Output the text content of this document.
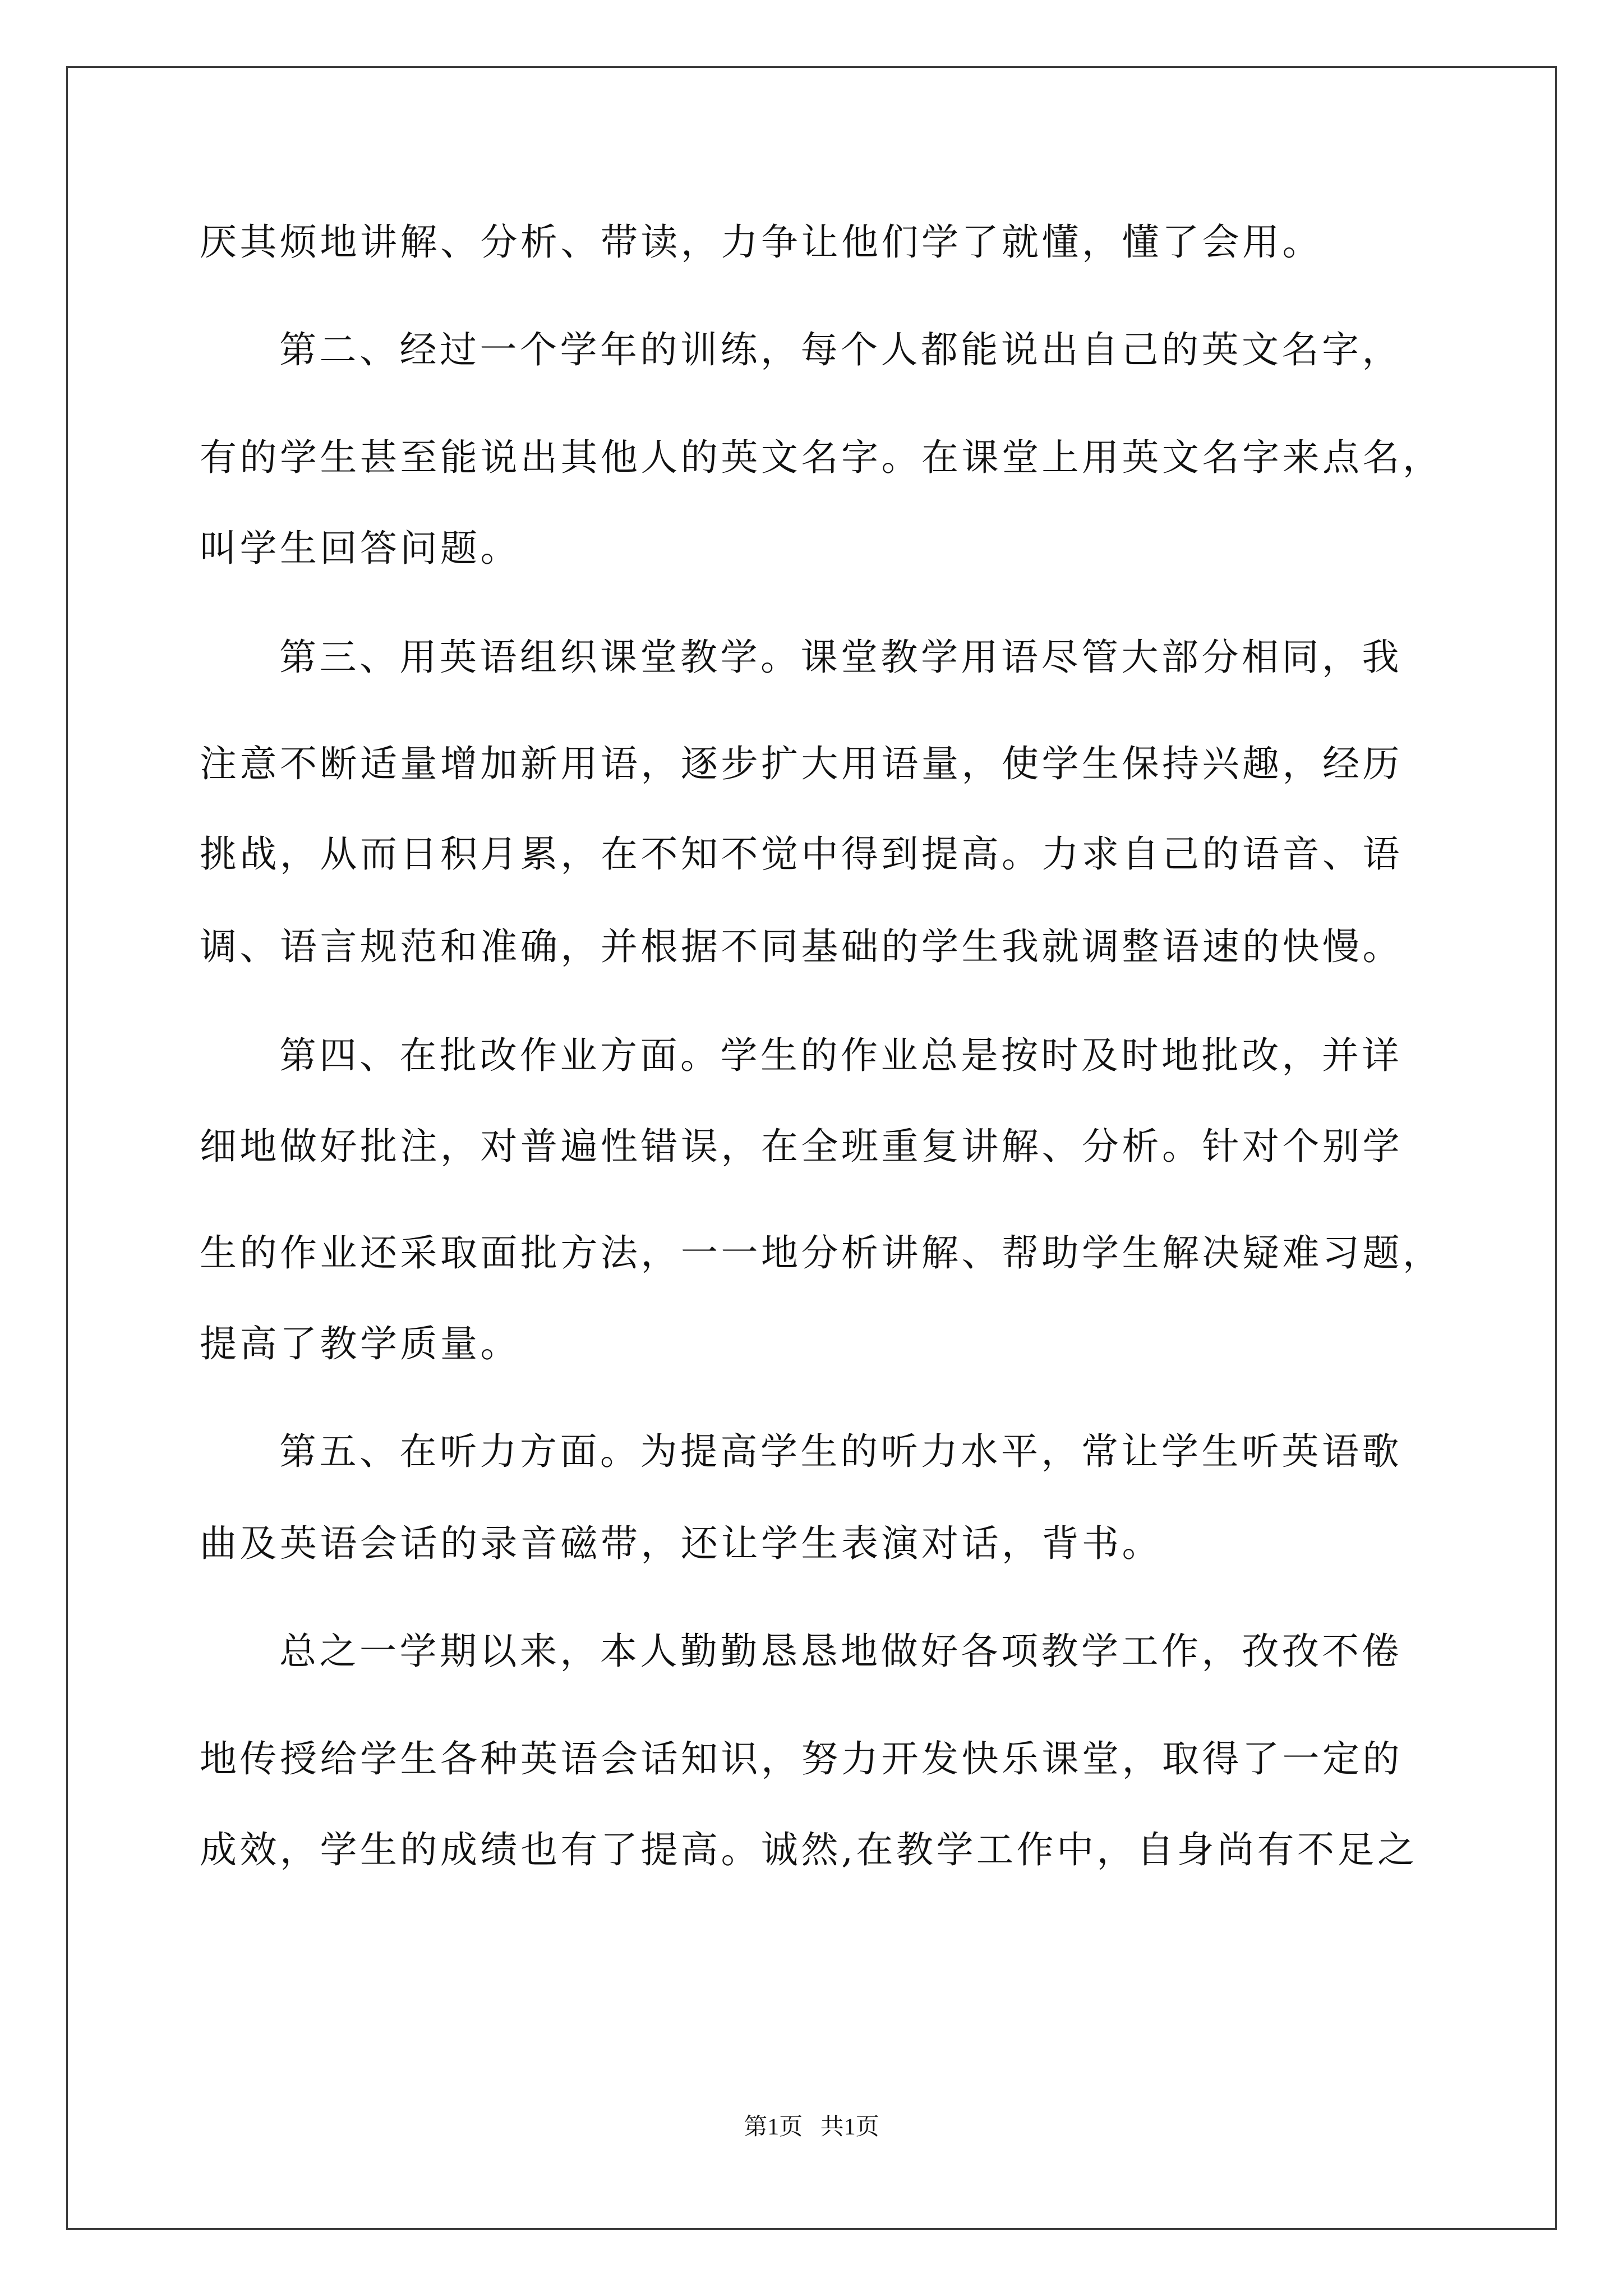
厌其烦地讲解、分析、带读，力争让他们学了就懂，懂了会用。
第二、经过一个学年的训练，每个人都能说出自己的英文名字，
有的学生甚至能说出其他人的英文名字。在课堂上用英文名字来点名，
叫学生回答问题。
第三、用英语组织课堂教学。课堂教学用语尽管大部分相同，我
注意不断适量增加新用语，逐步扩大用语量，使学生保持兴趣，经历
挑战，从而日积月累，在不知不觉中得到提高。力求自己的语音、语
调、语言规范和准确，并根据不同基础的学生我就调整语速的快慢。
第四、在批改作业方面。学生的作业总是按时及时地批改，并详
细地做好批注，对普遍性错误，在全班重复讲解、分析。针对个别学
生的作业还采取面批方法，一一地分析讲解、帮助学生解决疑难习题，
提高了教学质量。
第五、在听力方面。为提高学生的听力水平，常让学生听英语歌
曲及英语会话的录音磁带，还让学生表演对话，背书。
总之一学期以来，本人勤勤恳恳地做好各项教学工作，孜孜不倦
地传授给学生各种英语会话知识，努力开发快乐课堂，取得了一定的
成效，学生的成绩也有了提高。诚然,在教学工作中，自身尚有不足之
第1页   共1页
